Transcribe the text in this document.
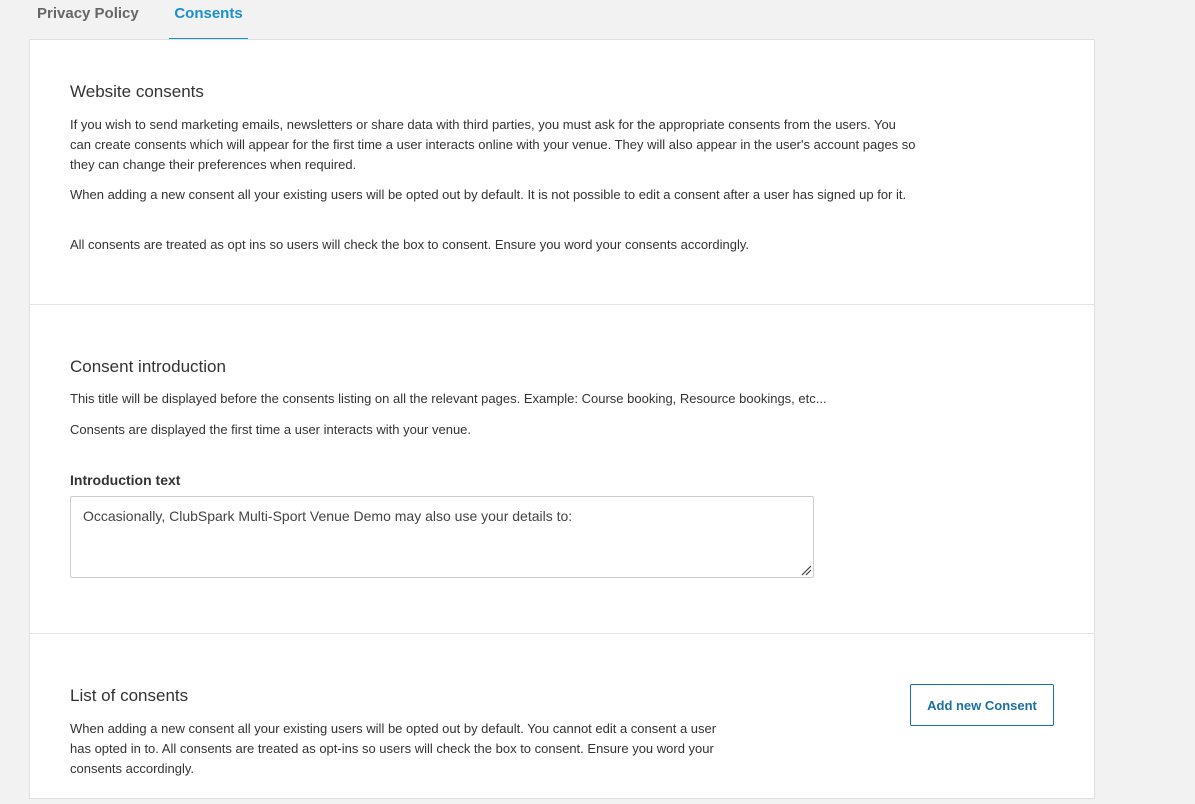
Privacy Policy	Consents
Website consents
If you wish to send marketing emails, newsletters or share data with third parties, you must ask for the appropriate consents from the users. You can create consents which will appear for the first time a user interacts online with your venue. They will also appear in the user's account pages so they can change their preferences when required.
When adding a new consent all your existing users will be opted out by default. It is not possible to edit a consent after a user has signed up for it.
All consents are treated as opt ins so users will check the box to consent. Ensure you word your consents accordingly.
Consent introduction
This title will be displayed before the consents listing on all the relevant pages. Example: Course booking, Resource bookings, etc...
Consents are displayed the first time a user interacts with your venue.
Introduction text
Occasionally, ClubSpark Multi-Sport Venue Demo may also use your details to:
List of consents
When adding a new consent all your existing users will be opted out by default. You cannot edit a consent a user has opted in to. All consents are treated as opt-ins so users will check the box to consent. Ensure you word your consents accordingly.
Add new Consent
